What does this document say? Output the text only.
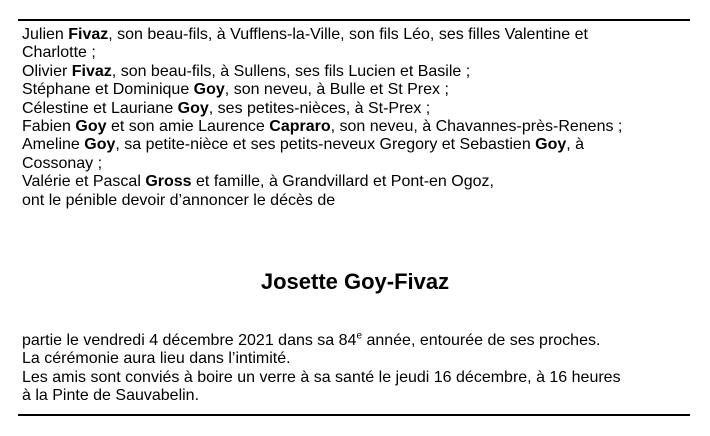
Julien Fivaz, son beau-fils, à Vufflens-la-Ville, son fils Léo, ses filles Valentine et

Charlotte ;

Olivier Fivaz, son beau-fils, à Sullens, ses fils Lucien et Basile ;

Stéphane et Dominique Goy, son neveu, à Bulle et St Prex ;

Célestine et Lauriane Goy, ses petites-nièces, à St-Prex ;

Fabien Goy et son amie Laurence Capraro, son neveu, à Chavannes-près-Renens ;

Ameline Goy, sa petite-nièce et ses petits-neveux Gregory et Sebastien Goy, à

Cossonay ;

Valérie et Pascal Gross et famille, à Grandvillard et Pont-en Ogoz,

ont le pénible devoir d’annoncer le décès de

Josette Goy-Fivaz

partie le vendredi 4 décembre 2021 dans sa 84e année, entourée de ses proches.

La cérémonie aura lieu dans l’intimité.

Les amis sont conviés à boire un verre à sa santé le jeudi 16 décembre, à 16 heures

à la Pinte de Sauvabelin.
